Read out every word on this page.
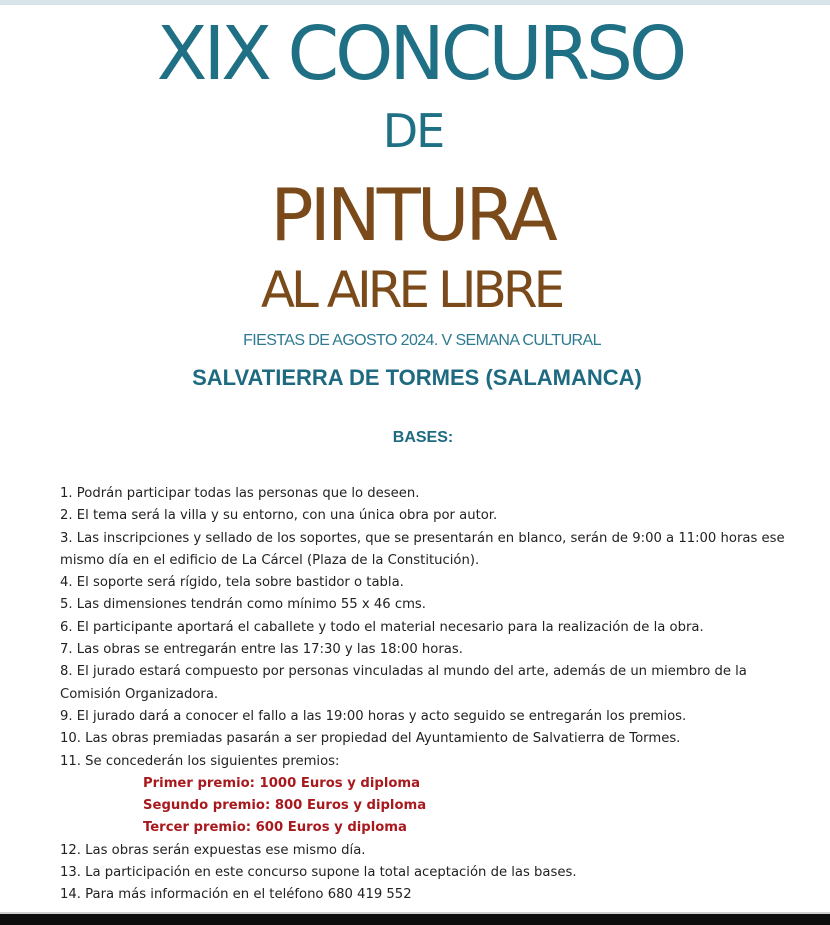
XIX CONCURSO
DE
PINTURA
AL AIRE LIBRE
FIESTAS DE AGOSTO 2024. V SEMANA CULTURAL
SALVATIERRA DE TORMES (SALAMANCA)
BASES:
1. Podrán participar todas las personas que lo deseen.
2. El tema será la villa y su entorno, con una única obra por autor.
3. Las inscripciones y sellado de los soportes, que se presentarán en blanco, serán de 9:00 a 11:00 horas ese mismo día en el edificio de La Cárcel (Plaza de la Constitución).
4. El soporte será rígido, tela sobre bastidor o tabla.
5. Las dimensiones tendrán como mínimo 55 x 46 cms.
6. El participante aportará el caballete y todo el material necesario para la realización de la obra.
7. Las obras se entregarán entre las 17:30 y las 18:00 horas.
8. El jurado estará compuesto por personas vinculadas al mundo del arte, además de un miembro de la Comisión Organizadora.
9. El jurado dará a conocer el fallo a las 19:00 horas y acto seguido se entregarán los premios.
10. Las obras premiadas pasarán a ser propiedad del Ayuntamiento de Salvatierra de Tormes.
11. Se concederán los siguientes premios:
Primer premio: 1000 Euros y diploma
Segundo premio: 800 Euros y diploma
Tercer premio: 600 Euros y diploma
12. Las obras serán expuestas ese mismo día.
13. La participación en este concurso supone la total aceptación de las bases.
14. Para más información en el teléfono 680 419 552
